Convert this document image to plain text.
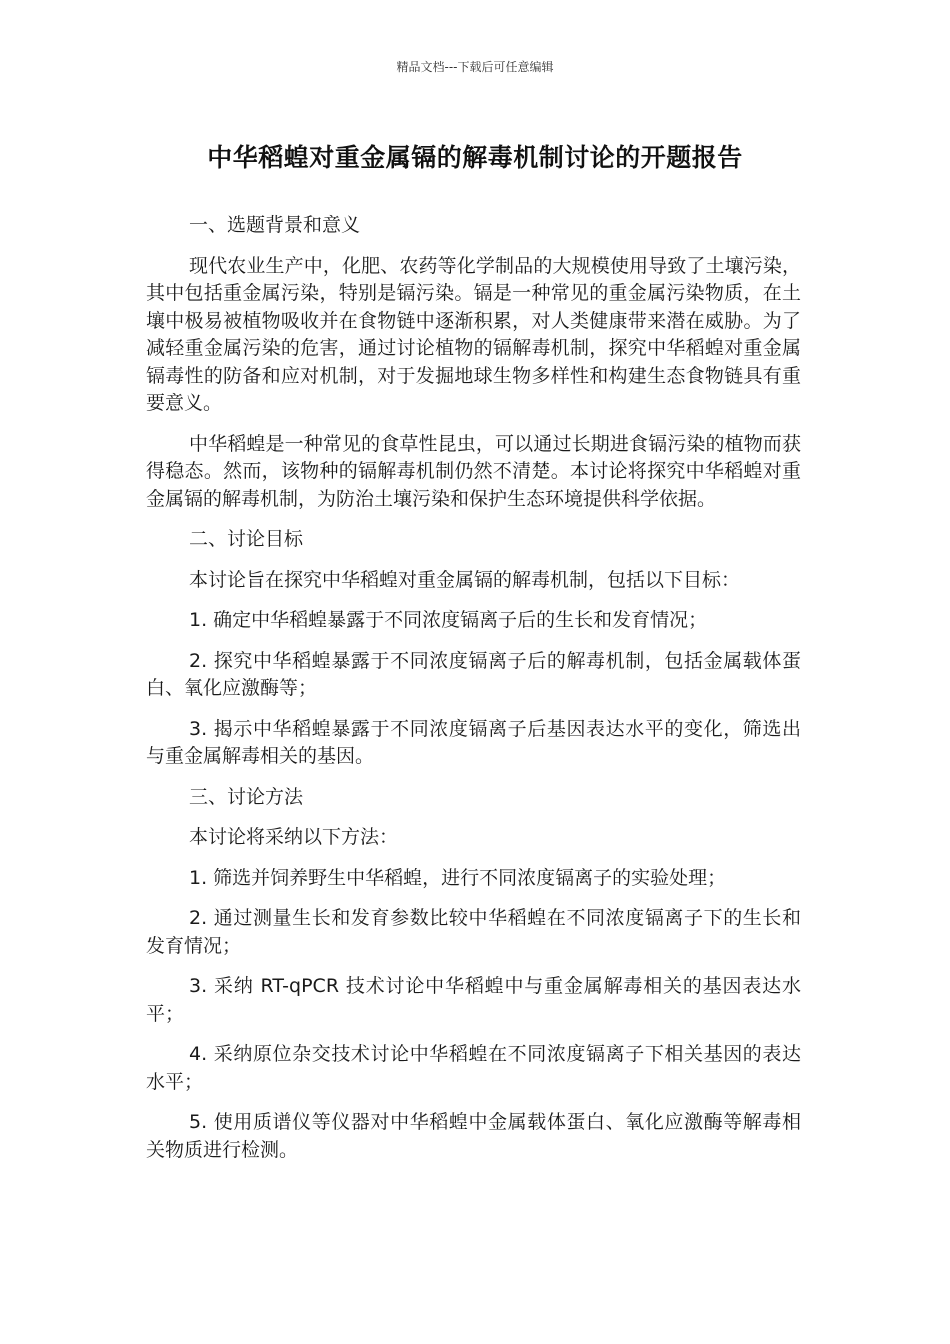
精品文档---下载后可任意编辑
中华稻蝗对重金属镉的解毒机制讨论的开题报告

一、选题背景和意义

现代农业生产中，化肥、农药等化学制品的大规模使用导致了土壤污染，其中包括重金属污染，特别是镉污染。镉是一种常见的重金属污染物质，在土壤中极易被植物吸收并在食物链中逐渐积累，对人类健康带来潜在威胁。为了减轻重金属污染的危害，通过讨论植物的镉解毒机制，探究中华稻蝗对重金属镉毒性的防备和应对机制，对于发掘地球生物多样性和构建生态食物链具有重要意义。

中华稻蝗是一种常见的食草性昆虫，可以通过长期进食镉污染的植物而获得稳态。然而，该物种的镉解毒机制仍然不清楚。本讨论将探究中华稻蝗对重金属镉的解毒机制，为防治土壤污染和保护生态环境提供科学依据。

二、讨论目标

本讨论旨在探究中华稻蝗对重金属镉的解毒机制，包括以下目标：

1. 确定中华稻蝗暴露于不同浓度镉离子后的生长和发育情况；

2. 探究中华稻蝗暴露于不同浓度镉离子后的解毒机制，包括金属载体蛋白、氧化应激酶等；

3. 揭示中华稻蝗暴露于不同浓度镉离子后基因表达水平的变化，筛选出与重金属解毒相关的基因。

三、讨论方法

本讨论将采纳以下方法：

1. 筛选并饲养野生中华稻蝗，进行不同浓度镉离子的实验处理；

2. 通过测量生长和发育参数比较中华稻蝗在不同浓度镉离子下的生长和发育情况；

3. 采纳 RT-qPCR 技术讨论中华稻蝗中与重金属解毒相关的基因表达水平；

4. 采纳原位杂交技术讨论中华稻蝗在不同浓度镉离子下相关基因的表达水平；

5. 使用质谱仪等仪器对中华稻蝗中金属载体蛋白、氧化应激酶等解毒相关物质进行检测。
